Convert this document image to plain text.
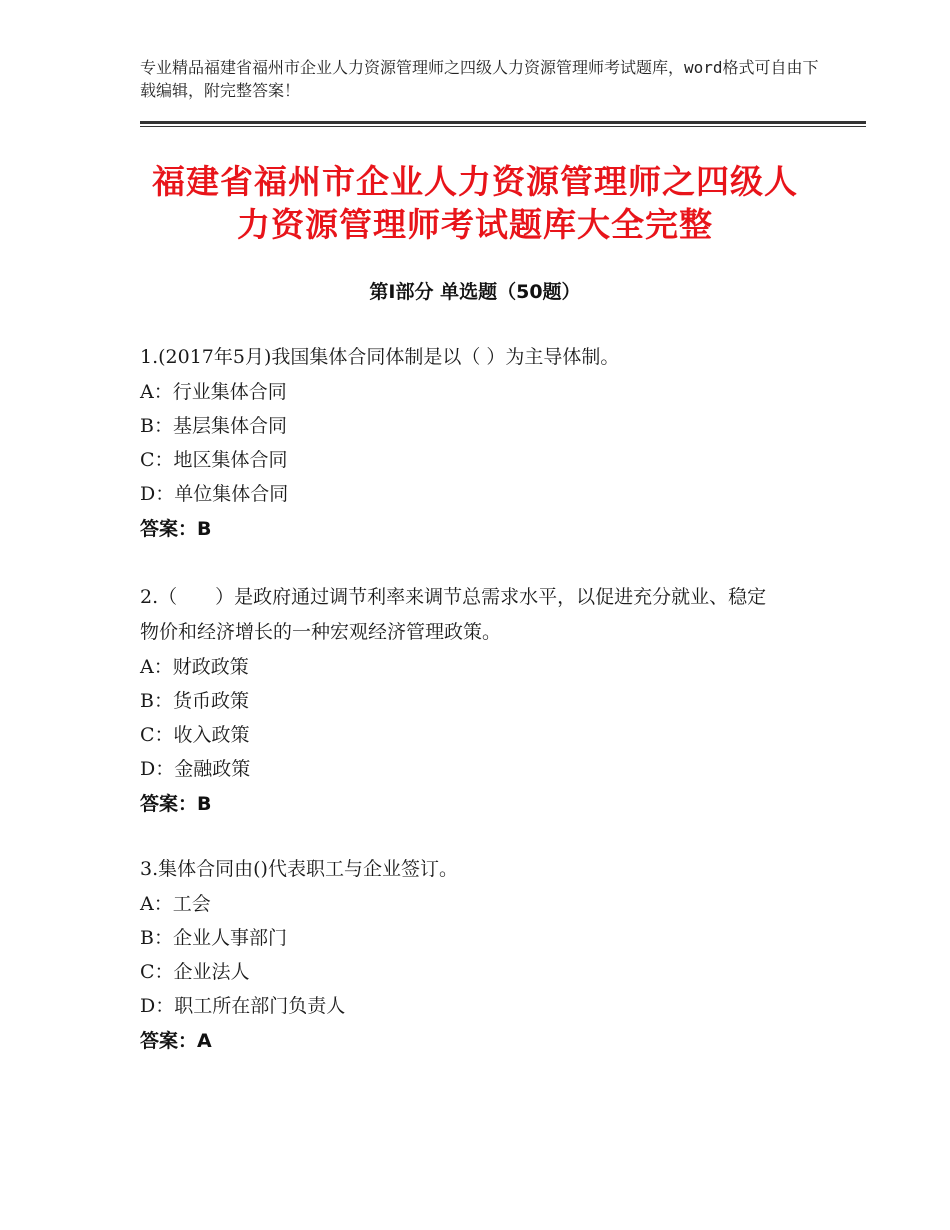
专业精品福建省福州市企业人力资源管理师之四级人力资源管理师考试题库，word格式可自由下载编辑，附完整答案！
福建省福州市企业人力资源管理师之四级人
力资源管理师考试题库大全完整
第Ⅰ部分 单选题（50题）
1.(2017年5月)我国集体合同体制是以（ ）为主导体制。
A：行业集体合同
B：基层集体合同
C：地区集体合同
D：单位集体合同
答案：B
2.（　　）是政府通过调节利率来调节总需求水平，以促进充分就业、稳定物价和经济增长的一种宏观经济管理政策。
A：财政政策
B：货币政策
C：收入政策
D：金融政策
答案：B
3.集体合同由()代表职工与企业签订。
A：工会
B：企业人事部门
C：企业法人
D：职工所在部门负责人
答案：A
